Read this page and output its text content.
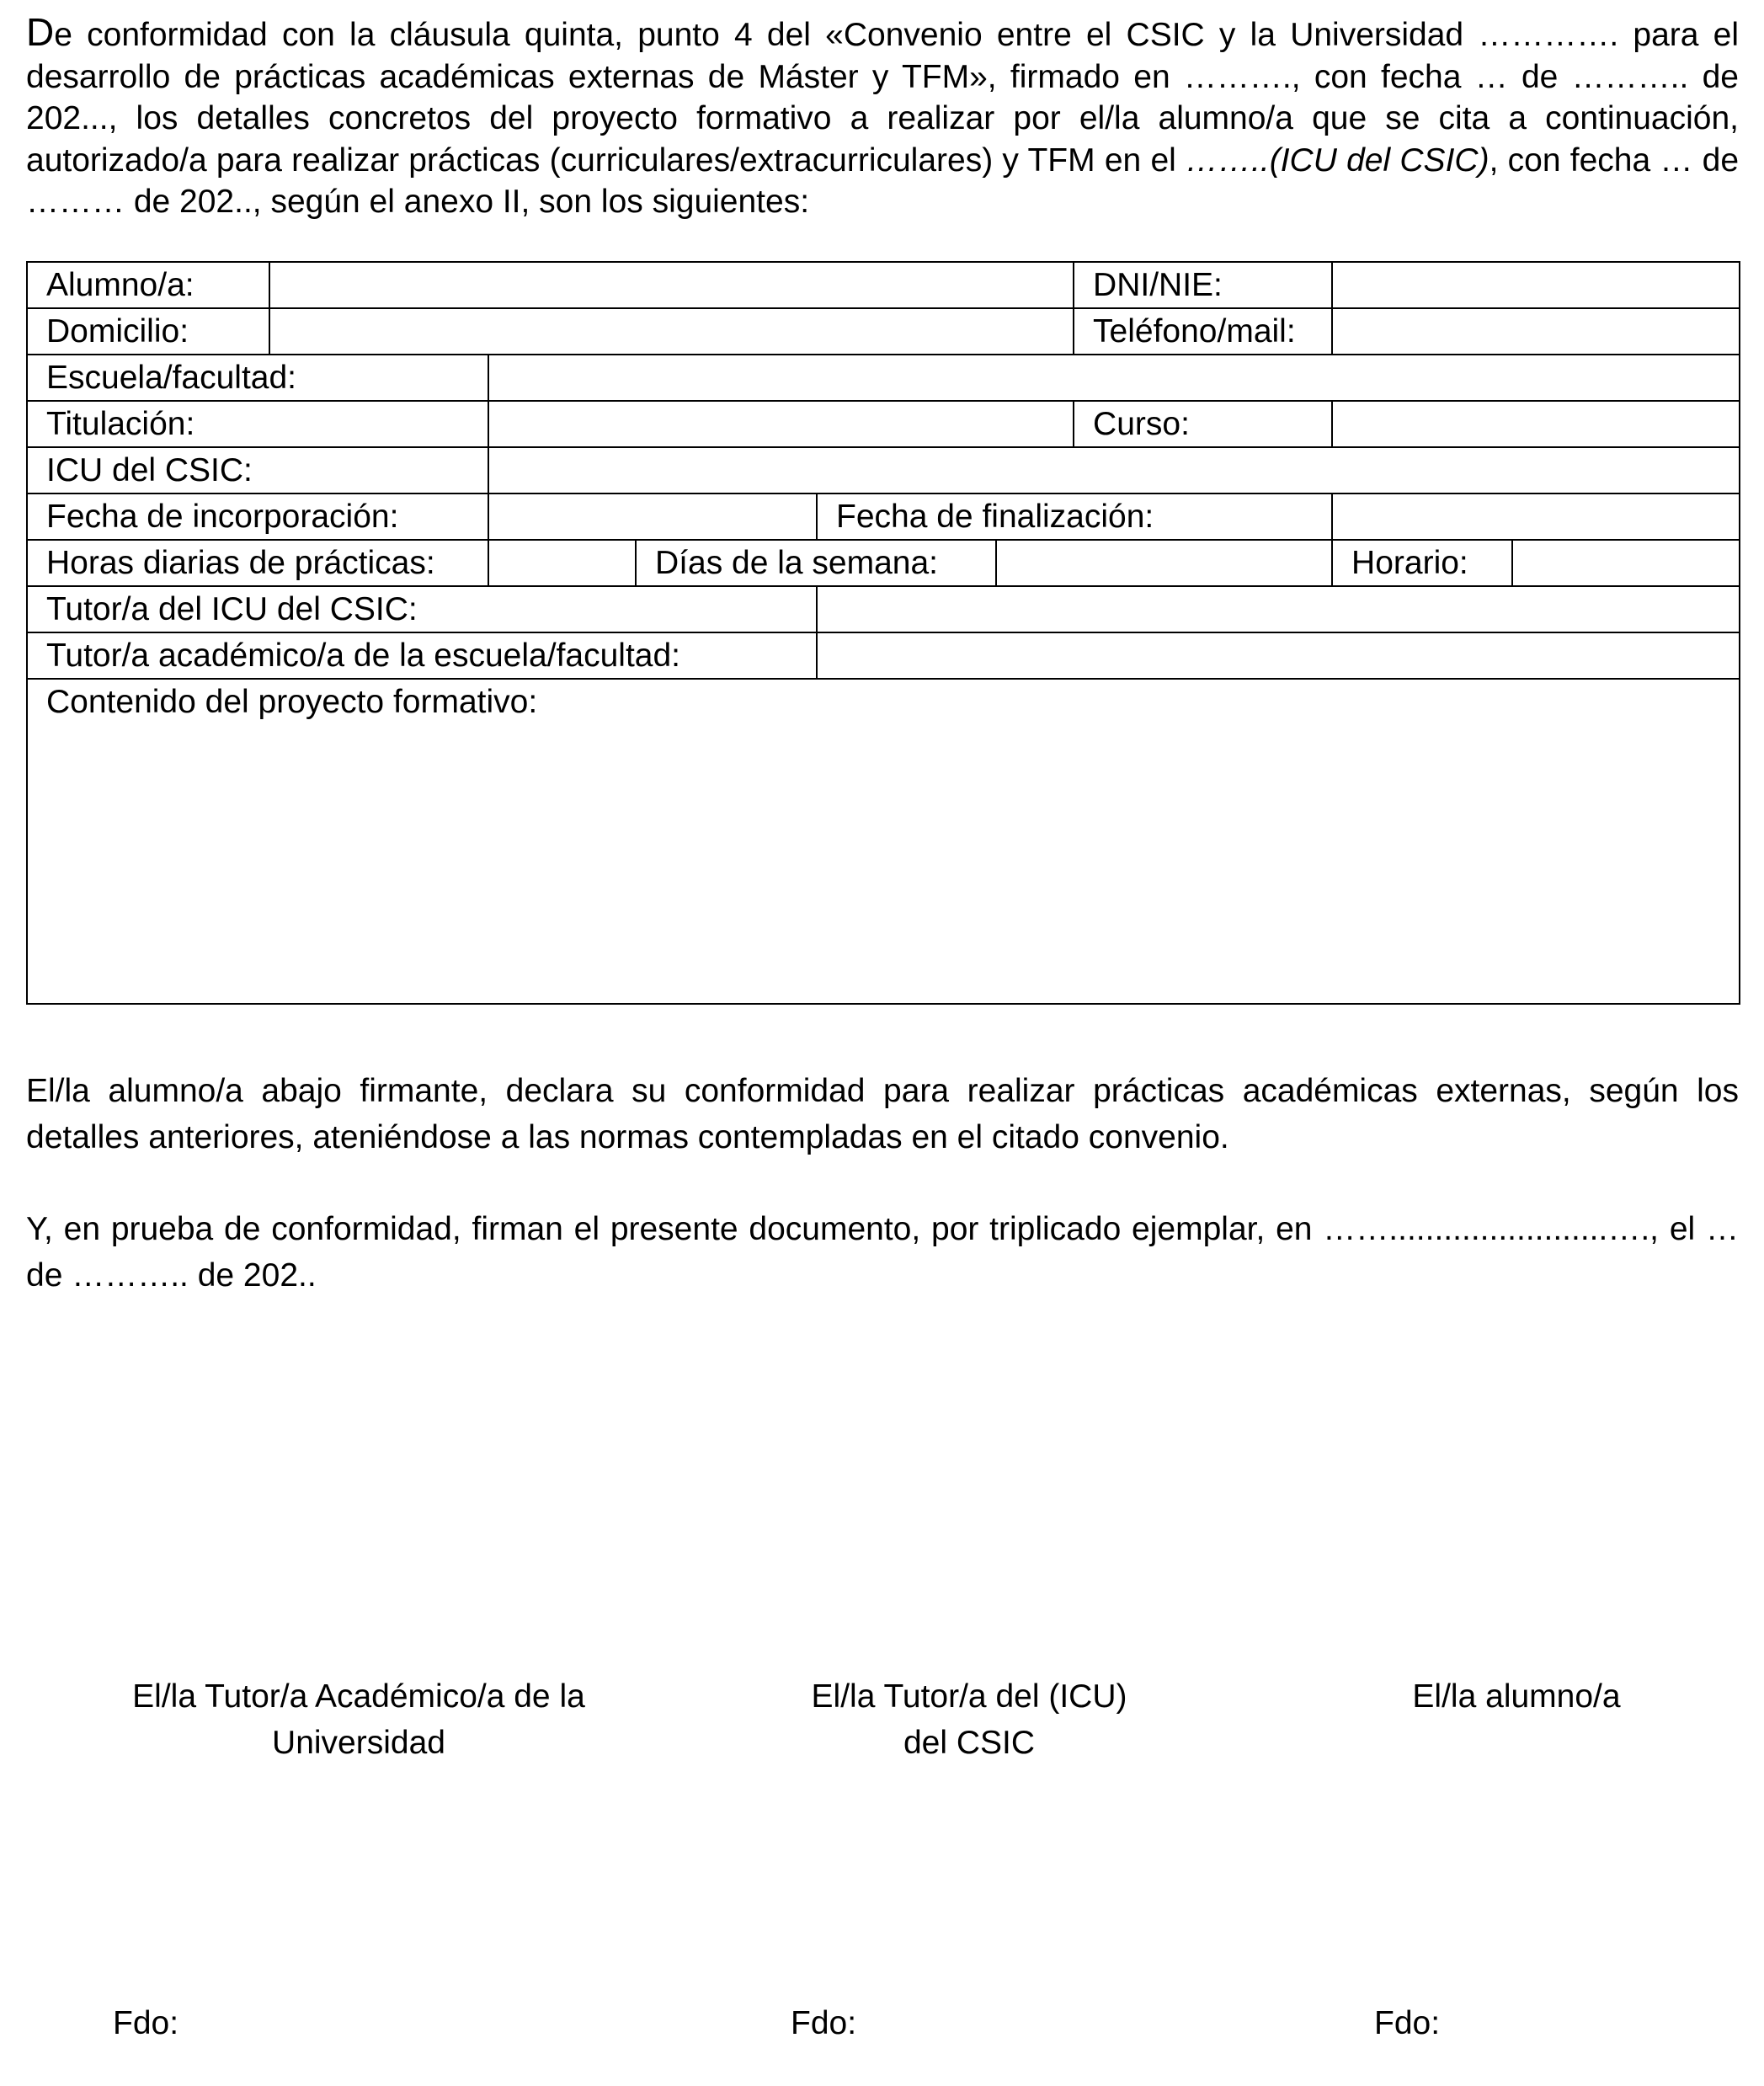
De conformidad con la cláusula quinta, punto 4 del «Convenio entre el CSIC y la Universidad …………. para el desarrollo de prácticas académicas externas de Máster y TFM», firmado en ………., con fecha … de ……….. de 202..., los detalles concretos del proyecto formativo a realizar por el/la alumno/a que se cita a continuación, autorizado/a para realizar prácticas (curriculares/extracurriculares) y TFM en el ……..(ICU del CSIC), con fecha … de ……… de 202.., según el anexo II, son los siguientes:

Alumno/a:						DNI/NIE:		
Domicilio:						Teléfono/mail:		
Escuela/facultad:								
Titulación:						Curso:		
ICU del CSIC:								
Fecha de incorporación:				Fecha de finalización:				
Horas diarias de prácticas:			Días de la semana:				Horario:	
Tutor/a del ICU del CSIC:								
Tutor/a académico/a de la escuela/facultad:								
Contenido del proyecto formativo:								

El/la alumno/a abajo firmante, declara su conformidad para realizar prácticas académicas externas, según los detalles anteriores, ateniéndose a las normas contempladas en el citado convenio.

Y, en prueba de conformidad, firman el presente documento, por triplicado ejemplar, en ……........................…., el … de ……….. de 202..

El/la Tutor/a Académico/a de la
Universidad
El/la Tutor/a del (ICU)
del CSIC
El/la alumno/a
Fdo:	Fdo:	Fdo:
